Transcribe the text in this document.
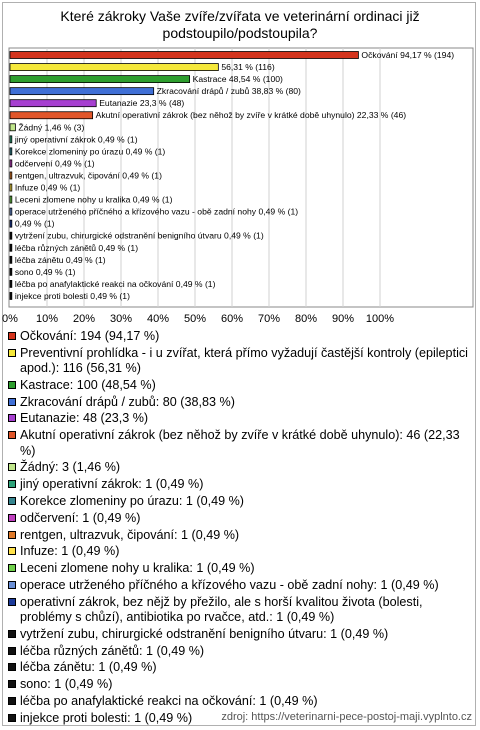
Které zákroky Vaše zvíře/zvířata ve veterinární ordinaci již podstoupilo/podstoupila?
0% 10% 20% 30% 40% 50% 60% 70% 80% 90% 100%
Očkování 94,17 % (194)
56,31 % (116)
Kastrace 48,54 % (100)
Zkracování drápů / zubů 38,83 % (80)
Eutanazie 23,3 % (48)
Akutní operativní zákrok (bez něhož by zvíře v krátké době uhynulo) 22,33 % (46)
Žádný 1,46 % (3)
jiný operativní zákrok 0,49 % (1)
Korekce zlomeniny po úrazu 0,49 % (1)
odčervení 0,49 % (1)
rentgen, ultrazvuk, čipování 0,49 % (1)
Infuze 0,49 % (1)
Leceni zlomene nohy u kralika 0,49 % (1)
operace utrženého příčného a křízového vazu - obě zadní nohy 0,49 % (1)
0,49 % (1)
vytržení zubu, chirurgické odstranění benigního útvaru 0,49 % (1)
léčba různých zánětů 0,49 % (1)
léčba zánětu 0,49 % (1)
sono 0,49 % (1)
léčba po anafylaktické reakci na očkování 0,49 % (1)
injekce proti bolesti 0,49 % (1)
Očkování: 194 (94,17 %)
Preventivní prohlídka - i u zvířat, která přímo vyžadují častější kontroly (epileptici apod.): 116 (56,31 %)
Kastrace: 100 (48,54 %)
Zkracování drápů / zubů: 80 (38,83 %)
Eutanazie: 48 (23,3 %)
Akutní operativní zákrok (bez něhož by zvíře v krátké době uhynulo): 46 (22,33 %)
Žádný: 3 (1,46 %)
jiný operativní zákrok: 1 (0,49 %)
Korekce zlomeniny po úrazu: 1 (0,49 %)
odčervení: 1 (0,49 %)
rentgen, ultrazvuk, čipování: 1 (0,49 %)
Infuze: 1 (0,49 %)
Leceni zlomene nohy u kralika: 1 (0,49 %)
operace utrženého příčného a křízového vazu - obě zadní nohy: 1 (0,49 %)
operativní zákrok, bez nějž by přežilo, ale s horší kvalitou života (bolesti, problémy s chůzí), antibiotika po rvačce, atd.: 1 (0,49 %)
vytržení zubu, chirurgické odstranění benigního útvaru: 1 (0,49 %)
léčba různých zánětů: 1 (0,49 %)
léčba zánětu: 1 (0,49 %)
sono: 1 (0,49 %)
léčba po anafylaktické reakci na očkování: 1 (0,49 %)
injekce proti bolesti: 1 (0,49 %)	zdroj: https://veterinarni-pece-postoj-maji.vyplnto.cz
